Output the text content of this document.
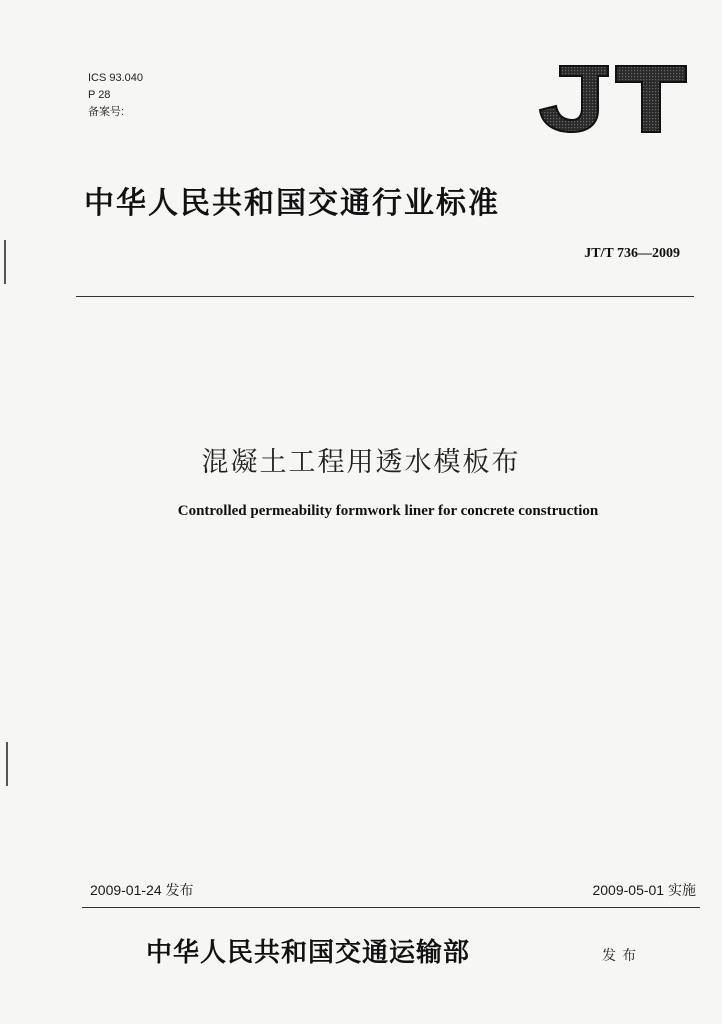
ICS 93.040
P 28
备案号:
JT
中华人民共和国交通行业标准
JT/T 736—2009
混凝土工程用透水模板布
Controlled permeability formwork liner for concrete construction
2009-01-24 发布	2009-05-01 实施
中华人民共和国交通运输部	发布
